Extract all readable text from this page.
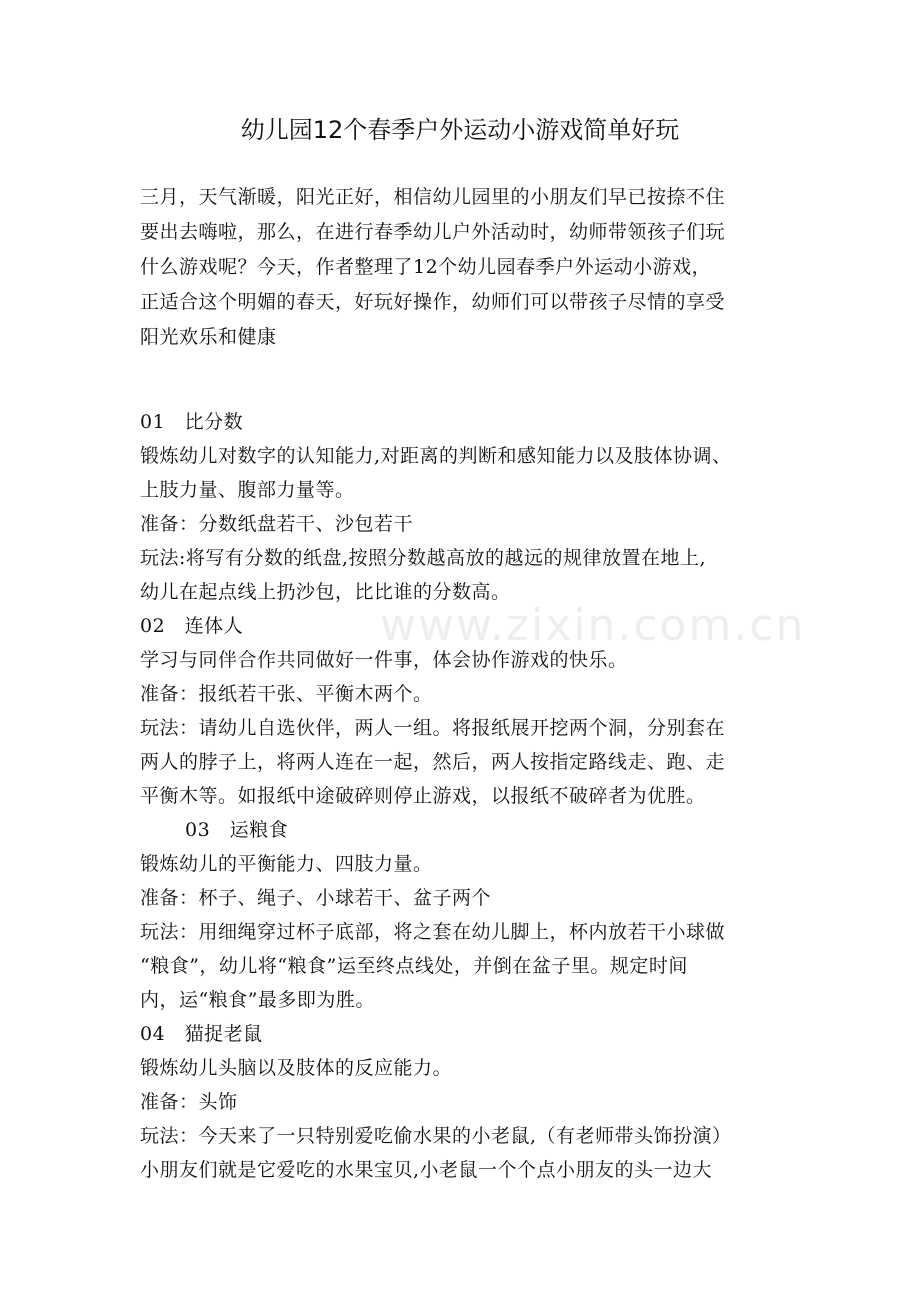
幼儿园12个春季户外运动小游戏简单好玩
www.zixin.com.cn

三月，天气渐暖，阳光正好，相信幼儿园里的小朋友们早已按捺不住

要出去嗨啦，那么，在进行春季幼儿户外活动时，幼师带领孩子们玩

什么游戏呢？今天，作者整理了12个幼儿园春季户外运动小游戏，

正适合这个明媚的春天，好玩好操作，幼师们可以带孩子尽情的享受

阳光欢乐和健康

01　比分数

锻炼幼儿对数字的认知能力,对距离的判断和感知能力以及肢体协调、

上肢力量、腹部力量等。

准备：分数纸盘若干、沙包若干

玩法:将写有分数的纸盘,按照分数越高放的越远的规律放置在地上,

幼儿在起点线上扔沙包，比比谁的分数高。

02　连体人

学习与同伴合作共同做好一件事，体会协作游戏的快乐。

准备：报纸若干张、平衡木两个。

玩法：请幼儿自选伙伴，两人一组。将报纸展开挖两个洞，分别套在

两人的脖子上，将两人连在一起，然后，两人按指定路线走、跑、走

平衡木等。如报纸中途破碎则停止游戏，以报纸不破碎者为优胜。

03　运粮食

锻炼幼儿的平衡能力、四肢力量。

准备：杯子、绳子、小球若干、盆子两个

玩法：用细绳穿过杯子底部，将之套在幼儿脚上，杯内放若干小球做

“粮食”，幼儿将“粮食”运至终点线处，并倒在盆子里。规定时间

内，运“粮食”最多即为胜。

04　猫捉老鼠

锻炼幼儿头脑以及肢体的反应能力。

准备：头饰

玩法：今天来了一只特别爱吃偷水果的小老鼠,（有老师带头饰扮演）

小朋友们就是它爱吃的水果宝贝,小老鼠一个个点小朋友的头一边大
